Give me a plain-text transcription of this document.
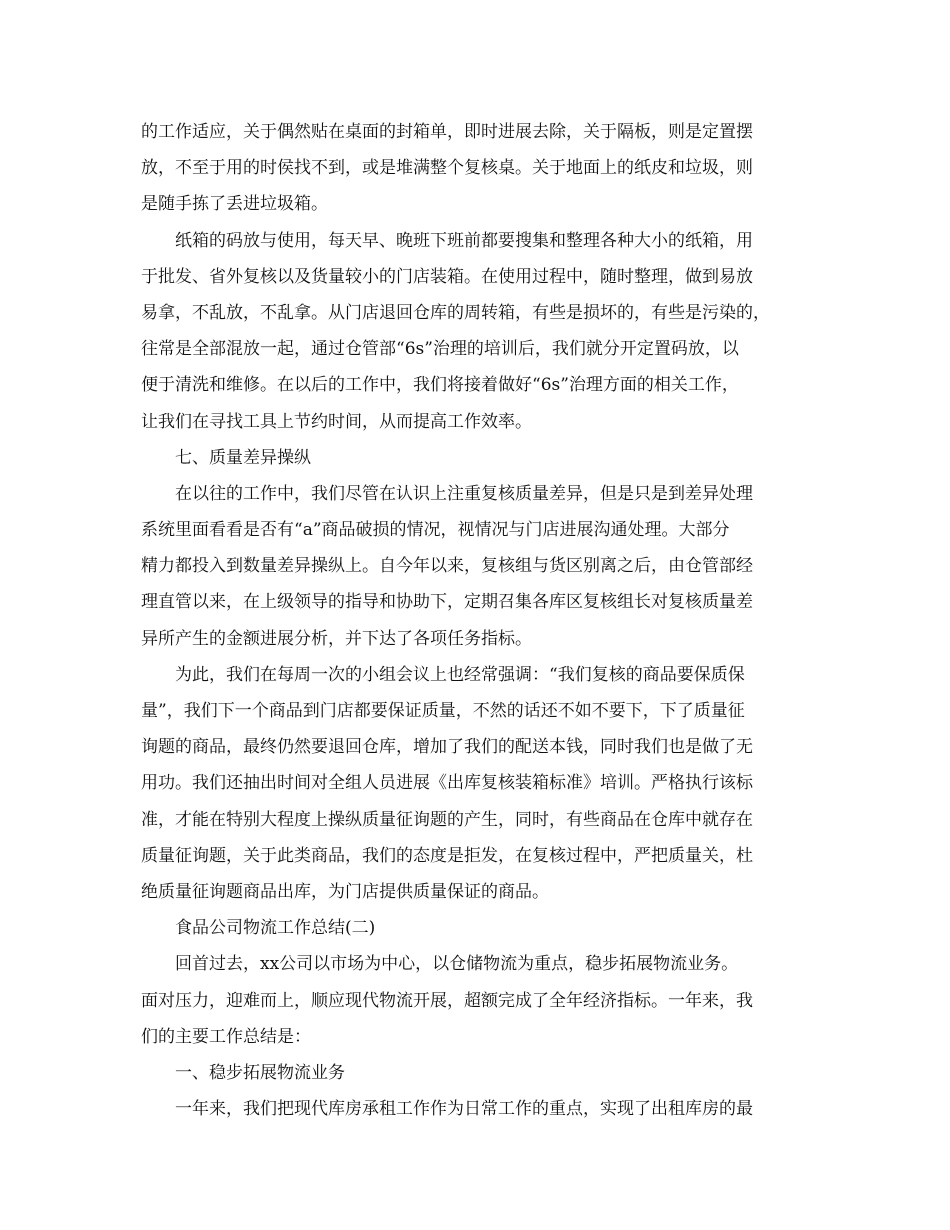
的工作适应，关于偶然贴在桌面的封箱单，即时进展去除，关于隔板，则是定置摆
放，不至于用的时侯找不到，或是堆满整个复核桌。关于地面上的纸皮和垃圾，则
是随手拣了丢进垃圾箱。
纸箱的码放与使用，每天早、晚班下班前都要搜集和整理各种大小的纸箱，用
于批发、省外复核以及货量较小的门店装箱。在使用过程中，随时整理，做到易放
易拿，不乱放，不乱拿。从门店退回仓库的周转箱，有些是损坏的，有些是污染的，
往常是全部混放一起，通过仓管部“6s”治理的培训后，我们就分开定置码放，以
便于清洗和维修。在以后的工作中，我们将接着做好“6s”治理方面的相关工作，
让我们在寻找工具上节约时间，从而提高工作效率。
七、质量差异操纵
在以往的工作中，我们尽管在认识上注重复核质量差异，但是只是到差异处理
系统里面看看是否有“a”商品破损的情况，视情况与门店进展沟通处理。大部分
精力都投入到数量差异操纵上。自今年以来，复核组与货区别离之后，由仓管部经
理直管以来，在上级领导的指导和协助下，定期召集各库区复核组长对复核质量差
异所产生的金额进展分析，并下达了各项任务指标。
为此，我们在每周一次的小组会议上也经常强调：“我们复核的商品要保质保
量”，我们下一个商品到门店都要保证质量，不然的话还不如不要下，下了质量征
询题的商品，最终仍然要退回仓库，增加了我们的配送本钱，同时我们也是做了无
用功。我们还抽出时间对全组人员进展《出库复核装箱标准》培训。严格执行该标
准，才能在特别大程度上操纵质量征询题的产生，同时，有些商品在仓库中就存在
质量征询题，关于此类商品，我们的态度是拒发，在复核过程中，严把质量关，杜
绝质量征询题商品出库，为门店提供质量保证的商品。
食品公司物流工作总结(二)
回首过去，xx公司以市场为中心，以仓储物流为重点，稳步拓展物流业务。
面对压力，迎难而上，顺应现代物流开展，超额完成了全年经济指标。一年来，我
们的主要工作总结是：
一、稳步拓展物流业务
一年来，我们把现代库房承租工作作为日常工作的重点，实现了出租库房的最
